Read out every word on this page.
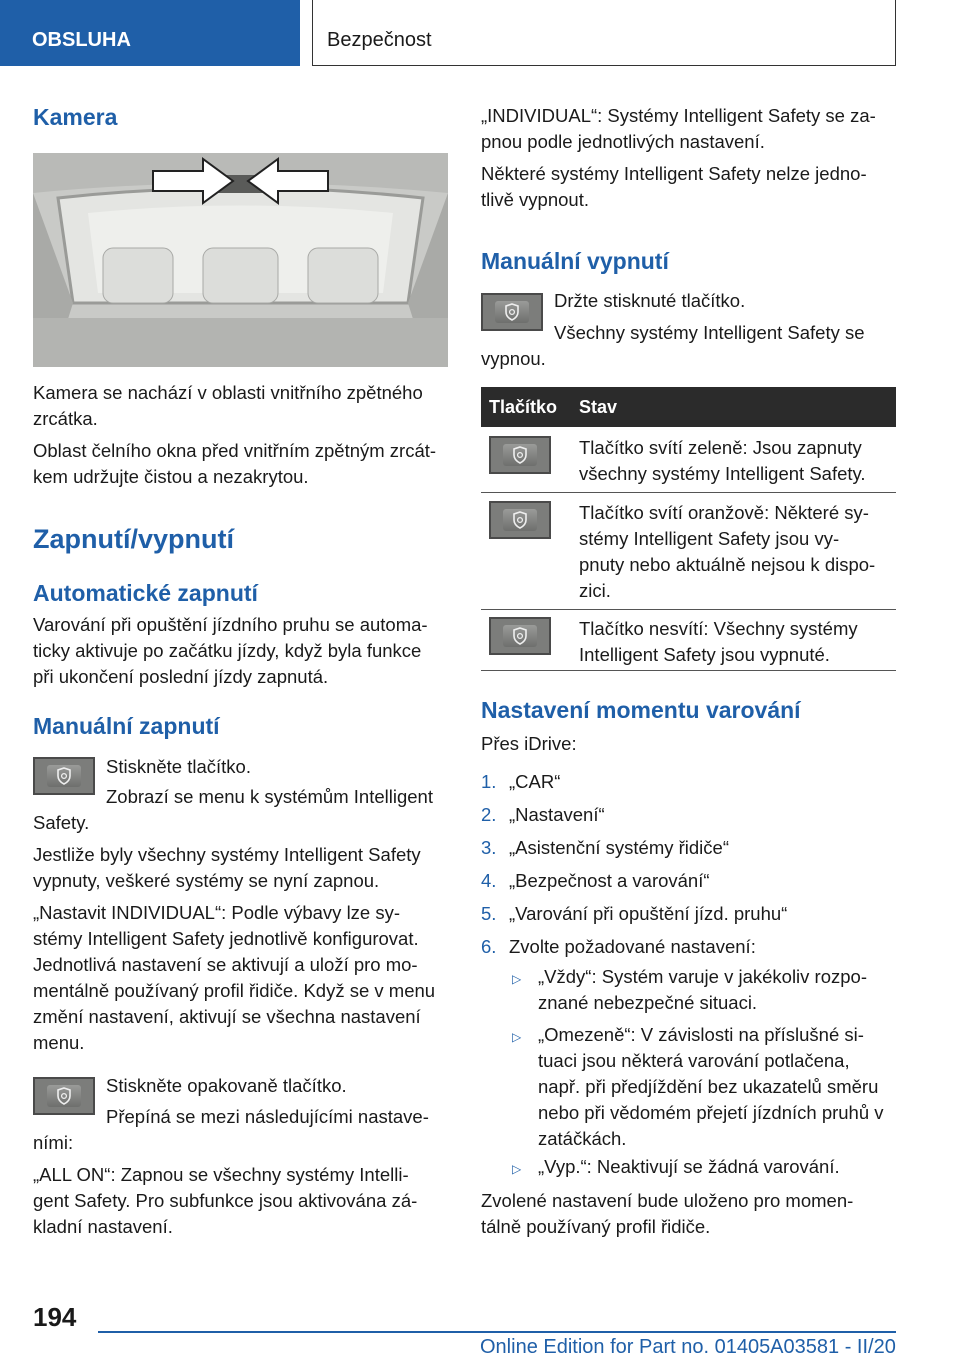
OBSLUHA	Bezpečnost
Kamera

Kamera se nachází v oblasti vnitřního zpětného

zrcátka.

Oblast čelního okna před vnitřním zpětným zrcát‐

kem udržujte čistou a nezakrytou.

Zapnutí/vypnutí
Automatické zapnutí

Varování při opuštění jízdního pruhu se automa‐

ticky aktivuje po začátku jízdy, když byla funkce

při ukončení poslední jízdy zapnutá.

Manuální zapnutí

Stiskněte tlačítko.

Zobrazí se menu k systémům Intelligent

Safety.

Jestliže byly všechny systémy Intelligent Safety

vypnuty, veškeré systémy se nyní zapnou.

„Nastavit INDIVIDUAL“: Podle výbavy lze sy‐

stémy Intelligent Safety jednotlivě konfigurovat.

Jednotlivá nastavení se aktivují a uloží pro mo‐

mentálně používaný profil řidiče. Když se v menu

změní nastavení, aktivují se všechna nastavení

menu.

Stiskněte opakovaně tlačítko.

Přepíná se mezi následujícími nastave‐

ními:

„ALL ON“: Zapnou se všechny systémy Intelli‐

gent Safety. Pro subfunkce jsou aktivována zá‐

kladní nastavení.

„INDIVIDUAL“: Systémy Intelligent Safety se za‐

pnou podle jednotlivých nastavení.

Některé systémy Intelligent Safety nelze jedno‐

tlivě vypnout.

Manuální vypnutí

Držte stisknuté tlačítko.

Všechny systémy Intelligent Safety se

vypnou.

Tlačítko Stav

Tlačítko svítí zeleně: Jsou zapnuty

všechny systémy Intelligent Safety.

Tlačítko svítí oranžově: Některé sy‐

stémy Intelligent Safety jsou vy‐

pnuty nebo aktuálně nejsou k dispo‐

zici.

Tlačítko nesvítí: Všechny systémy

Intelligent Safety jsou vypnuté.

Nastavení momentu varování

Přes iDrive:

1. „CAR“
2. „Nastavení“
3. „Asistenční systémy řidiče“
4. „Bezpečnost a varování“
5. „Varování při opuštění jízd. pruhu“
6. Zvolte požadované nastavení:
▷ „Vždy“: Systém varuje v jakékoliv rozpo‐

znané nebezpečné situaci.

▷ „Omezeně“: V závislosti na příslušné si‐

tuaci jsou některá varování potlačena,

např. při předjíždění bez ukazatelů směru

nebo při vědomém přejetí jízdních pruhů v

zatáčkách.

▷ „Vyp.“: Neaktivují se žádná varování.

Zvolené nastavení bude uloženo pro momen‐

tálně používaný profil řidiče.

194
Online Edition for Part no. 01405A03581 - II/20
